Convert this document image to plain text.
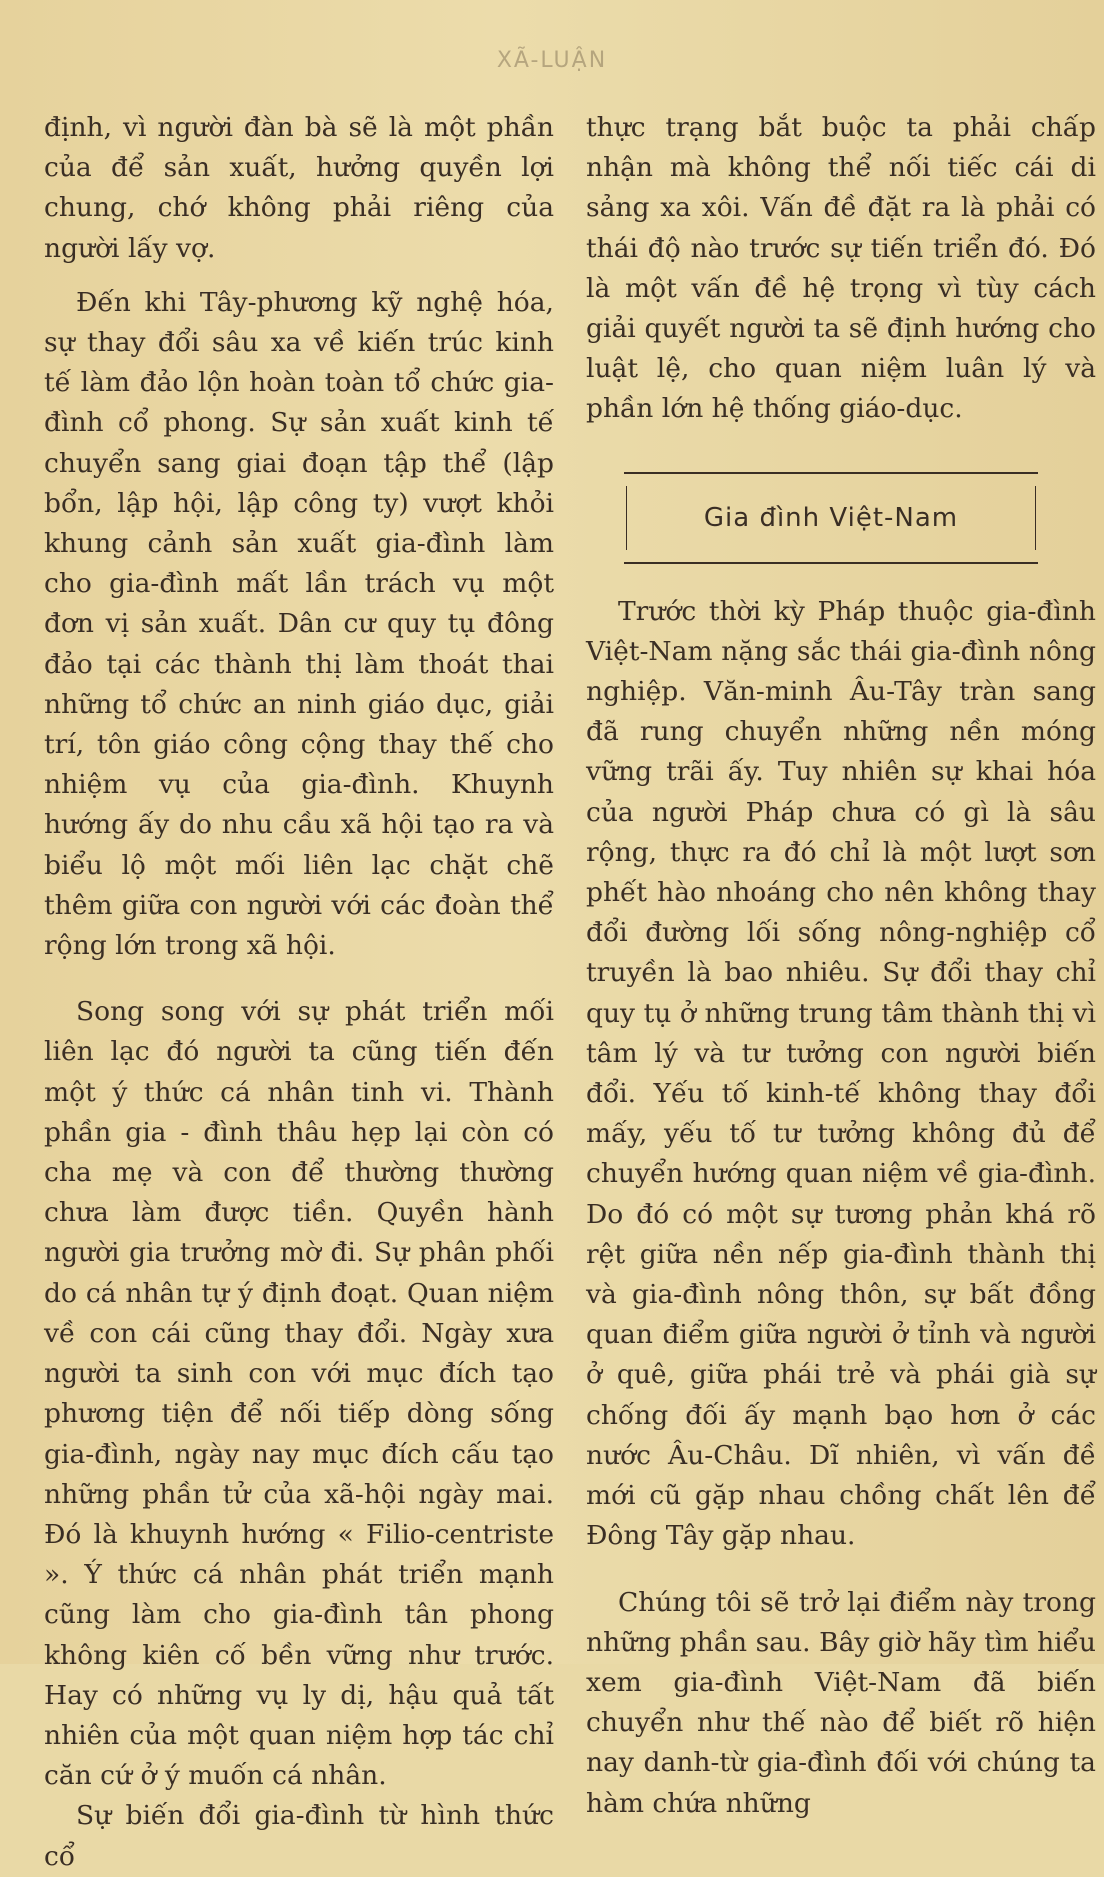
XÃ-LUẬN

định, vì người đàn bà sẽ là một phần của để sản xuất, hưởng quyền lợi chung, chớ không phải riêng của người lấy vợ.

Đến khi Tây-phương kỹ nghệ hóa, sự thay đổi sâu xa về kiến trúc kinh tế làm đảo lộn hoàn toàn tổ chức gia-đình cổ phong. Sự sản xuất kinh tế chuyển sang giai đoạn tập thể (lập bổn, lập hội, lập công ty) vượt khỏi khung cảnh sản xuất gia-đình làm cho gia-đình mất lần trách vụ một đơn vị sản xuất. Dân cư quy tụ đông đảo tại các thành thị làm thoát thai những tổ chức an ninh giáo dục, giải trí, tôn giáo công cộng thay thế cho nhiệm vụ của gia-đình. Khuynh hướng ấy do nhu cầu xã hội tạo ra và biểu lộ một mối liên lạc chặt chẽ thêm giữa con người với các đoàn thể rộng lớn trong xã hội.

Song song với sự phát triển mối liên lạc đó người ta cũng tiến đến một ý thức cá nhân tinh vi. Thành phần gia - đình thâu hẹp lại còn có cha mẹ và con để thường thường chưa làm được tiền. Quyền hành người gia trưởng mờ đi. Sự phân phối do cá nhân tự ý định đoạt. Quan niệm về con cái cũng thay đổi. Ngày xưa người ta sinh con với mục đích tạo phương tiện để nối tiếp dòng sống gia-đình, ngày nay mục đích cấu tạo những phần tử của xã-hội ngày mai. Đó là khuynh hướng « Filio-centriste ». Ý thức cá nhân phát triển mạnh cũng làm cho gia-đình tân phong không kiên cố bền vững như trước. Hay có những vụ ly dị, hậu quả tất nhiên của một quan niệm hợp tác chỉ căn cứ ở ý muốn cá nhân.

Sự biến đổi gia-đình từ hình thức cổ

thực trạng bắt buộc ta phải chấp nhận mà không thể nối tiếc cái di sảng xa xôi. Vấn đề đặt ra là phải có thái độ nào trước sự tiến triển đó. Đó là một vấn đề hệ trọng vì tùy cách giải quyết người ta sẽ định hướng cho luật lệ, cho quan niệm luân lý và phần lớn hệ thống giáo-dục.

Gia đình Việt-Nam

Trước thời kỳ Pháp thuộc gia-đình Việt-Nam nặng sắc thái gia-đình nông nghiệp. Văn-minh Âu-Tây tràn sang đã rung chuyển những nền móng vững trãi ấy. Tuy nhiên sự khai hóa của người Pháp chưa có gì là sâu rộng, thực ra đó chỉ là một lượt sơn phết hào nhoáng cho nên không thay đổi đường lối sống nông-nghiệp cổ truyền là bao nhiêu. Sự đổi thay chỉ quy tụ ở những trung tâm thành thị vì tâm lý và tư tưởng con người biến đổi. Yếu tố kinh-tế không thay đổi mấy, yếu tố tư tưởng không đủ để chuyển hướng quan niệm về gia-đình. Do đó có một sự tương phản khá rõ rệt giữa nền nếp gia-đình thành thị và gia-đình nông thôn, sự bất đồng quan điểm giữa người ở tỉnh và người ở quê, giữa phái trẻ và phái già sự chống đối ấy mạnh bạo hơn ở các nước Âu-Châu. Dĩ nhiên, vì vấn đề mới cũ gặp nhau chồng chất lên để Đông Tây gặp nhau.

Chúng tôi sẽ trở lại điểm này trong những phần sau. Bây giờ hãy tìm hiểu xem gia-đình Việt-Nam đã biến chuyển như thế nào để biết rõ hiện nay danh-từ gia-đình đối với chúng ta hàm chứa những
